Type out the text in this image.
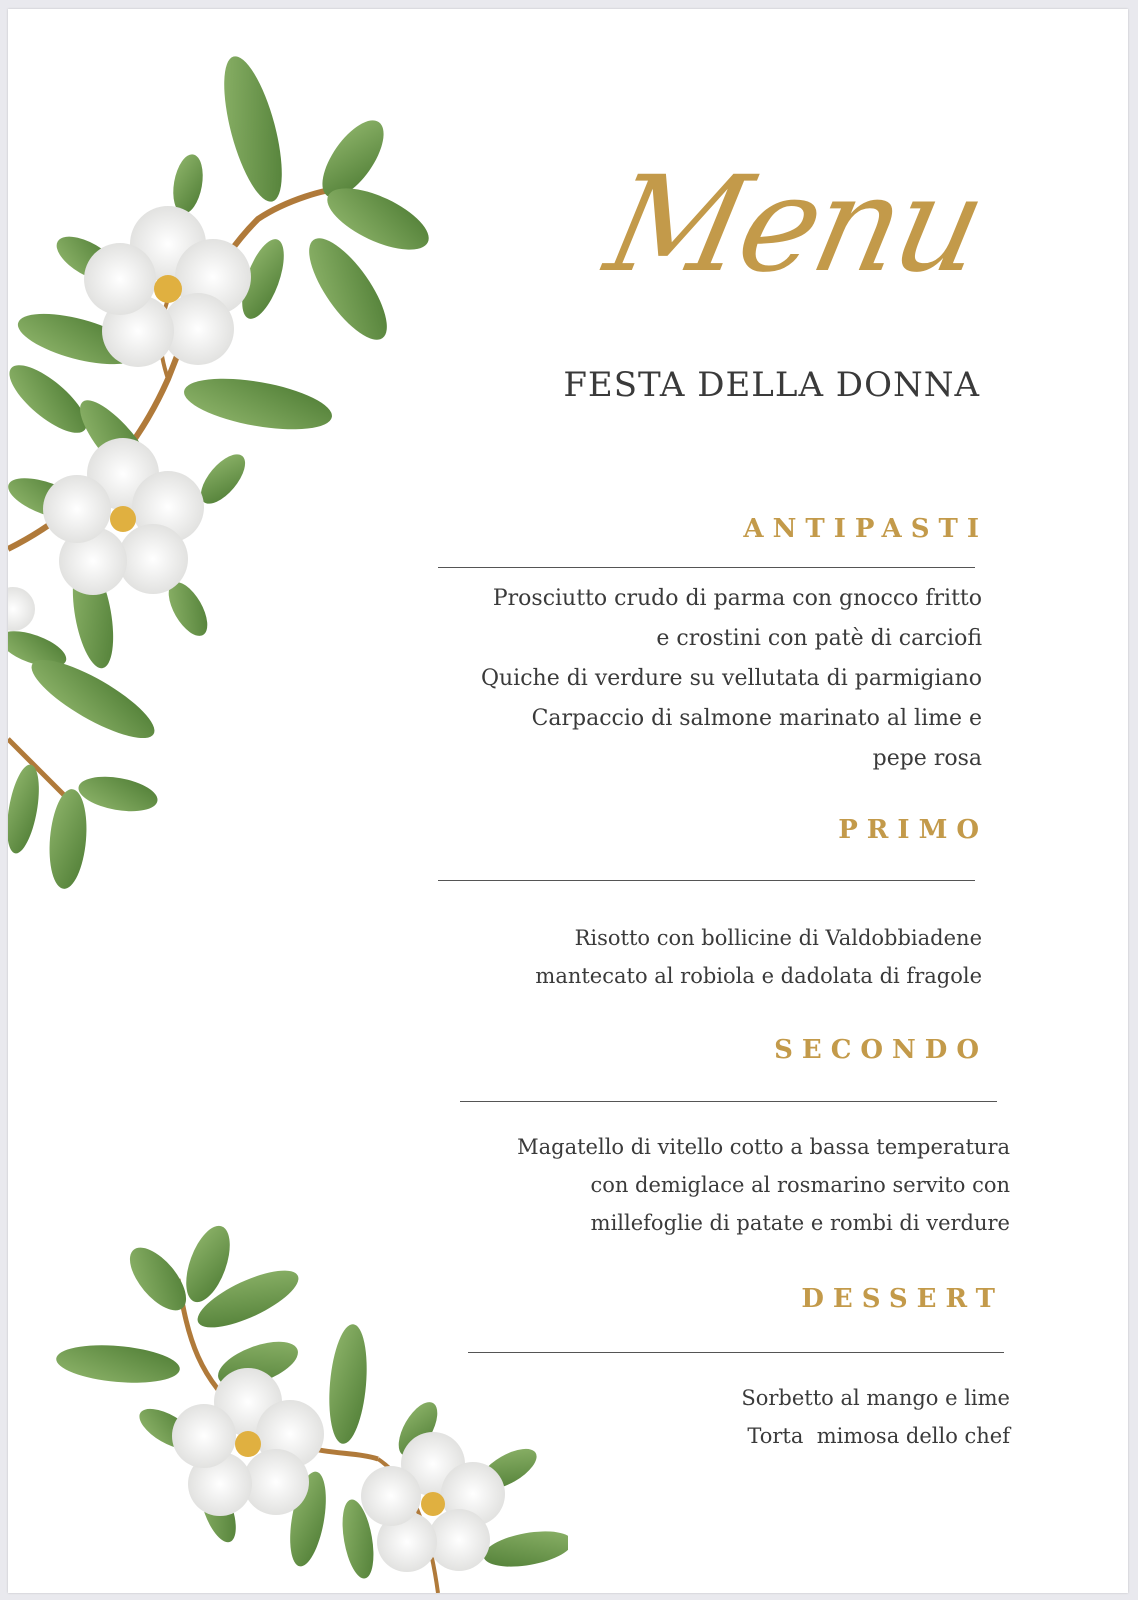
Menu
FESTA DELLA DONNA
ANTIPASTI
Prosciutto crudo di parma con gnocco fritto
e crostini con patè di carciofi
Quiche di verdure su vellutata di parmigiano
Carpaccio di salmone marinato al lime e
pepe rosa
PRIMO
Risotto con bollicine di Valdobbiadene
mantecato al robiola e dadolata di fragole
SECONDO
Magatello di vitello cotto a bassa temperatura
con demiglace al rosmarino servito con
millefoglie di patate e rombi di verdure
DESSERT
Sorbetto al mango e lime
Torta  mimosa dello chef
